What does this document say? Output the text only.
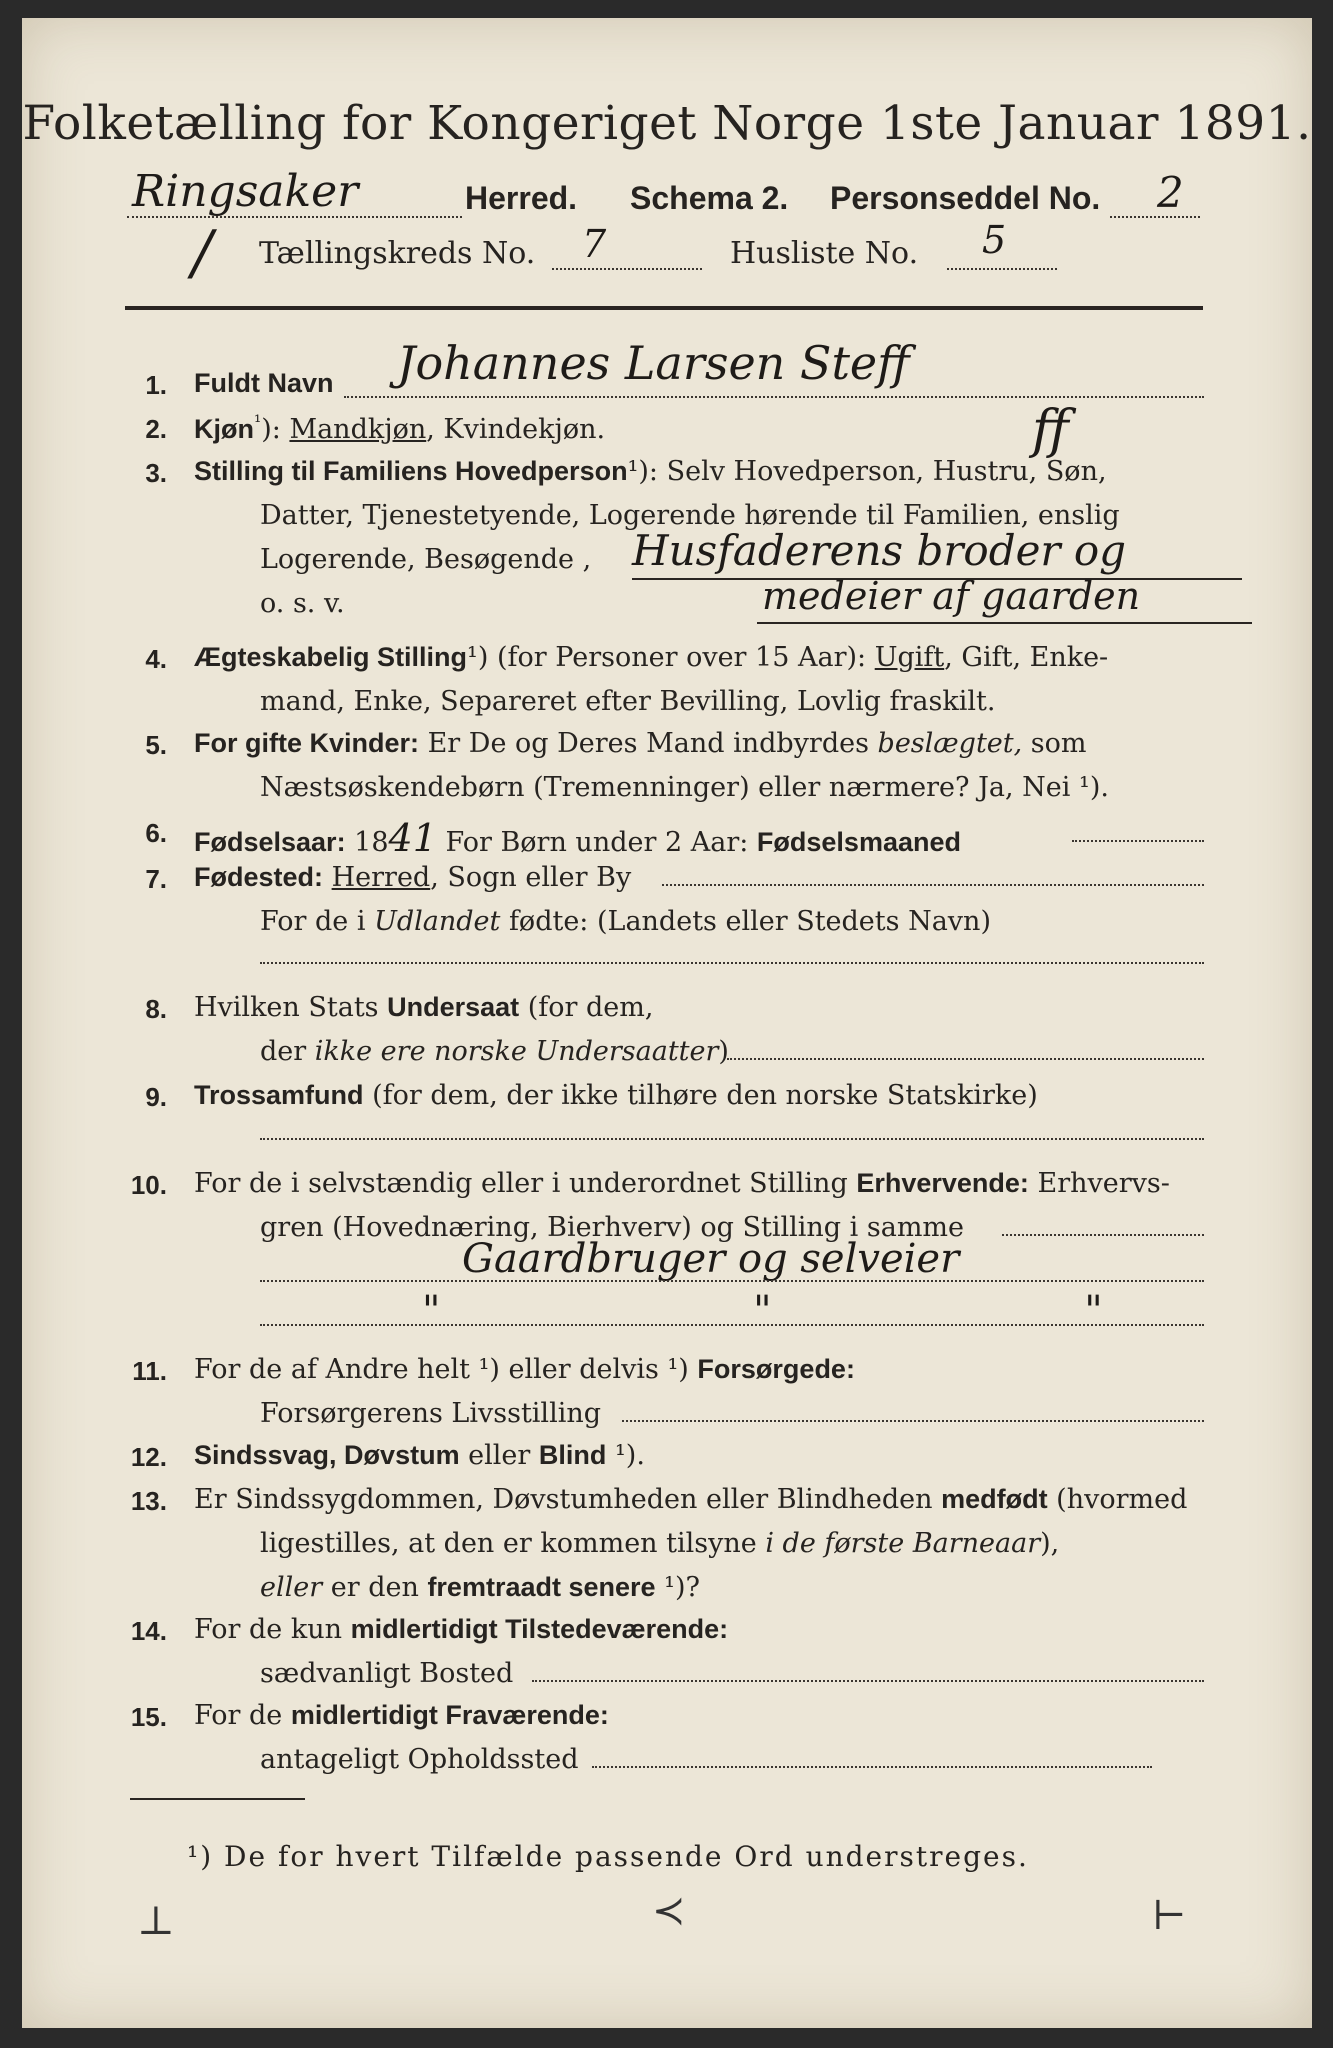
Folketælling for Kongeriget Norge 1ste Januar 1891.
Ringsaker	Herred. Schema 2. Personseddel No. 2
/ Tællingskreds No. 7	Husliste No. 5
1. Fuldt Navn Johannes Larsen Steff
ff
2. Kjøn$^{^1}$): Mandkjøn, Kvindekjøn.
3. Stilling til Familiens Hovedperson¹): Selv Hovedperson, Hustru, Søn,
Datter, Tjenestetyende, Logerende hørende til Familien, enslig
Logerende, Besøgende ,
o. s. v.
Husfaderens broder og
medeier af gaarden
4. Ægteskabelig Stilling¹) (for Personer over 15 Aar): Ugift, Gift, Enke-
mand, Enke, Separeret efter Bevilling, Lovlig fraskilt.
5. For gifte Kvinder: Er De og Deres Mand indbyrdes beslægtet, som
Næstsøskendebørn (Tremenninger) eller nærmere? Ja, Nei ¹).
6. Fødselsaar: 1841 For Børn under 2 Aar: Fødselsmaaned
7. Fødested: Herred, Sogn eller By
For de i Udlandet fødte: (Landets eller Stedets Navn)
8. Hvilken Stats Undersaat (for dem,
der ikke ere norske Undersaatter)
9. Trossamfund (for dem, der ikke tilhøre den norske Statskirke)
10. For de i selvstændig eller i underordnet Stilling Erhvervende: Erhvervs-
gren (Hovednæring, Bierhverv) og Stilling i samme
Gaardbruger og selveier
" " "
11. For de af Andre helt ¹) eller delvis ¹) Forsørgede:
Forsørgerens Livsstilling
12. Sindssvag, Døvstum eller Blind ¹).
13. Er Sindssygdommen, Døvstumheden eller Blindheden medfødt (hvormed
ligestilles, at den er kommen tilsyne i de første Barneaar),
eller er den fremtraadt senere ¹)?
14. For de kun midlertidigt Tilstedeværende:
sædvanligt Bosted
15. For de midlertidigt Fraværende:
antageligt Opholdssted
¹) De for hvert Tilfælde passende Ord understreges.
⊥	≺	⊢
